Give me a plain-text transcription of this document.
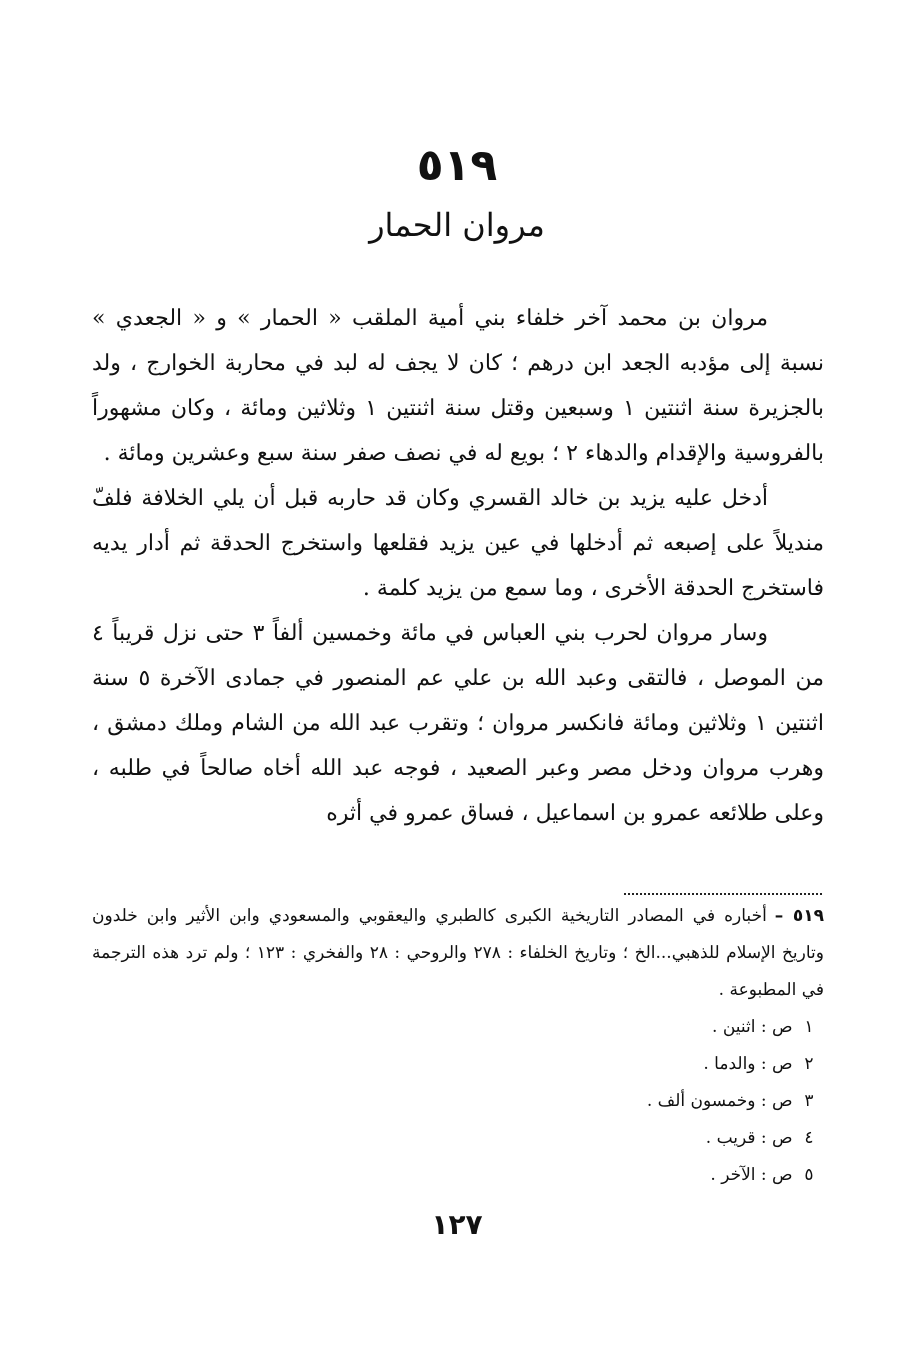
٥١٩
مروان الحمار

مروان بن محمد آخر خلفاء بني أمية الملقب « الحمار » و « الجعدي » نسبة إلى مؤدبه الجعد ابن درهم ؛ كان لا يجف له لبد في محاربة الخوارج ، ولد بالجزيرة سنة اثنتين ١ وسبعين وقتل سنة اثنتين ١ وثلاثين ومائة ، وكان مشهوراً بالفروسية والإقدام والدهاء ٢ ؛ بويع له في نصف صفر سنة سبع وعشرين ومائة .

أدخل عليه يزيد بن خالد القسري وكان قد حاربه قبل أن يلي الخلافة فلفّ منديلاً على إصبعه ثم أدخلها في عين يزيد فقلعها واستخرج الحدقة ثم أدار يديه فاستخرج الحدقة الأخرى ، وما سمع من يزيد كلمة .

وسار مروان لحرب بني العباس في مائة وخمسين ألفاً ٣ حتى نزل قريباً ٤ من الموصل ، فالتقى وعبد الله بن علي عم المنصور في جمادى الآخرة ٥ سنة اثنتين ١ وثلاثين ومائة فانكسر مروان ؛ وتقرب عبد الله من الشام وملك دمشق ، وهرب مروان ودخل مصر وعبر الصعيد ، فوجه عبد الله أخاه صالحاً في طلبه ، وعلى طلائعه عمرو بن اسماعيل ، فساق عمرو في أثره

٥١٩ –أخباره في المصادر التاريخية الكبرى كالطبري واليعقوبي والمسعودي وابن الأثير وابن خلدون وتاريخ الإسلام للذهبي...الخ ؛ وتاريخ الخلفاء : ٢٧٨ والروحي : ٢٨ والفخري : ١٢٣ ؛ ولم ترد هذه الترجمة في المطبوعة .

١ ص : اثنين .
٢ ص : والدما .
٣ ص : وخمسون ألف .
٤ ص : قريب .
٥ ص : الآخر .
١٢٧
